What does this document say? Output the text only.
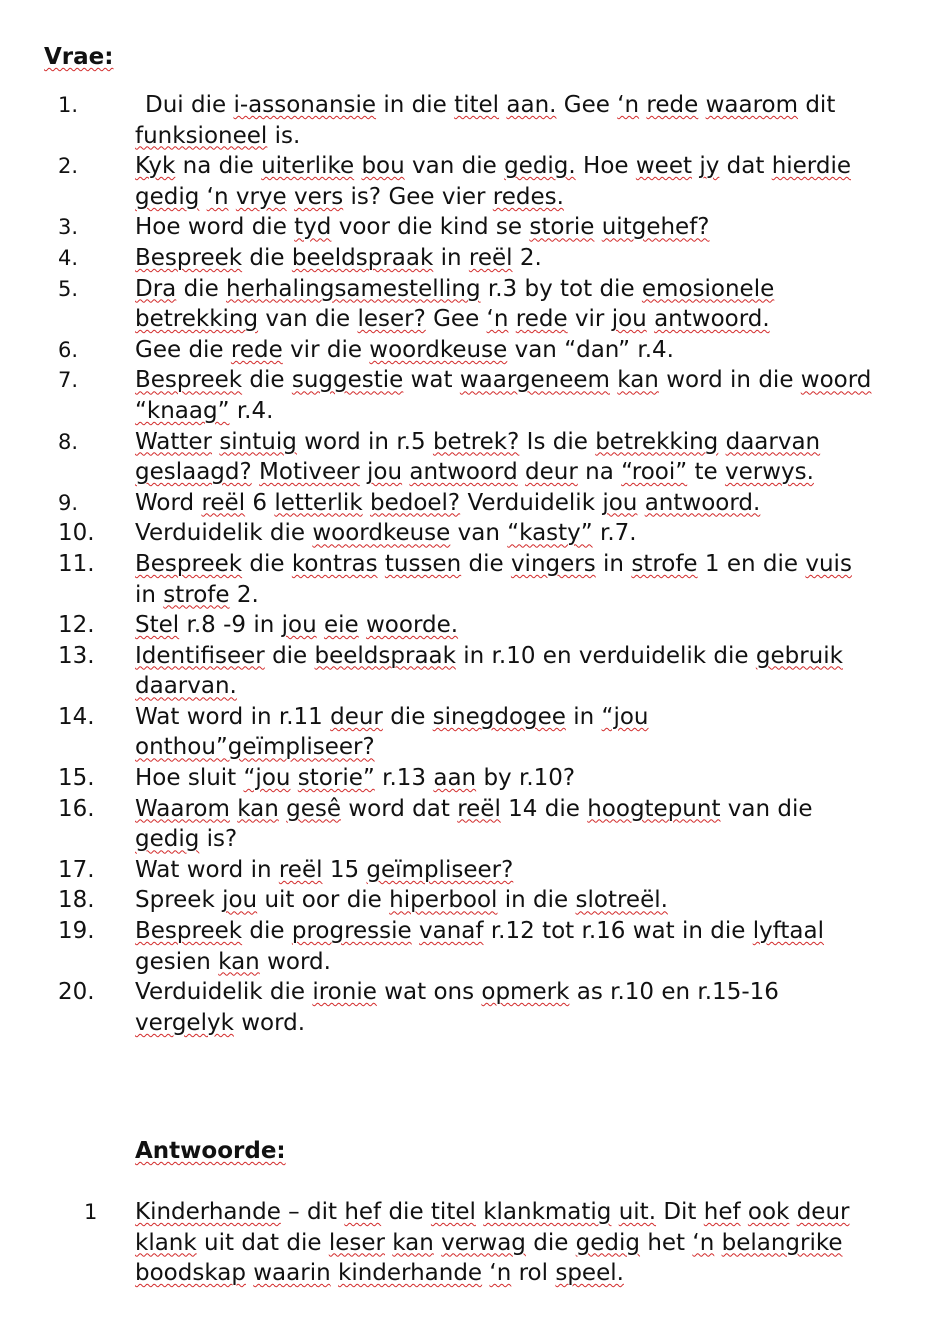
Vrae:
1.	Dui die i-assonansie in die titel aan. Gee ‘n rede waarom dit funksioneel is.
2. Kyk na die uiterlike bou van die gedig. Hoe weet jy dat hierdie gedig ‘n vrye vers is? Gee vier redes.
3. Hoe word die tyd voor die kind se storie uitgehef?
4. Bespreek die beeldspraak in reël 2.
5. Dra die herhalingsamestelling r.3 by tot die emosionele betrekking van die leser? Gee ‘n rede vir jou antwoord.
6. Gee die rede vir die woordkeuse van “dan” r.4.
7. Bespreek die suggestie wat waargeneem kan word in die woord “knaag” r.4.
8. Watter sintuig word in r.5 betrek? Is die betrekking daarvan geslaagd? Motiveer jou antwoord deur na “rooi” te verwys.
9. Word reël 6 letterlik bedoel? Verduidelik jou antwoord.
10. Verduidelik die woordkeuse van “kasty” r.7.
11. Bespreek die kontras tussen die vingers in strofe 1 en die vuis in strofe 2.
12. Stel r.8 -9 in jou eie woorde.
13. Identifiseer die beeldspraak in r.10 en verduidelik die gebruik daarvan.
14. Wat word in r.11 deur die sinegdogee in “jou onthou”geïmpliseer?
15. Hoe sluit “jou storie” r.13 aan by r.10?
16. Waarom kan gesê word dat reël 14 die hoogtepunt van die gedig is?
17. Wat word in reël 15 geïmpliseer?
18. Spreek jou uit oor die hiperbool in die slotreël.
19. Bespreek die progressie vanaf r.12 tot r.16 wat in die lyftaal gesien kan word.
20. Verduidelik die ironie wat ons opmerk as r.10 en r.15-16 vergelyk word.
Antwoorde:
1 Kinderhande – dit hef die titel klankmatig uit. Dit hef ook deur klank uit dat die leser kan verwag die gedig het ‘n belangrike boodskap waarin kinderhande ‘n rol speel.
